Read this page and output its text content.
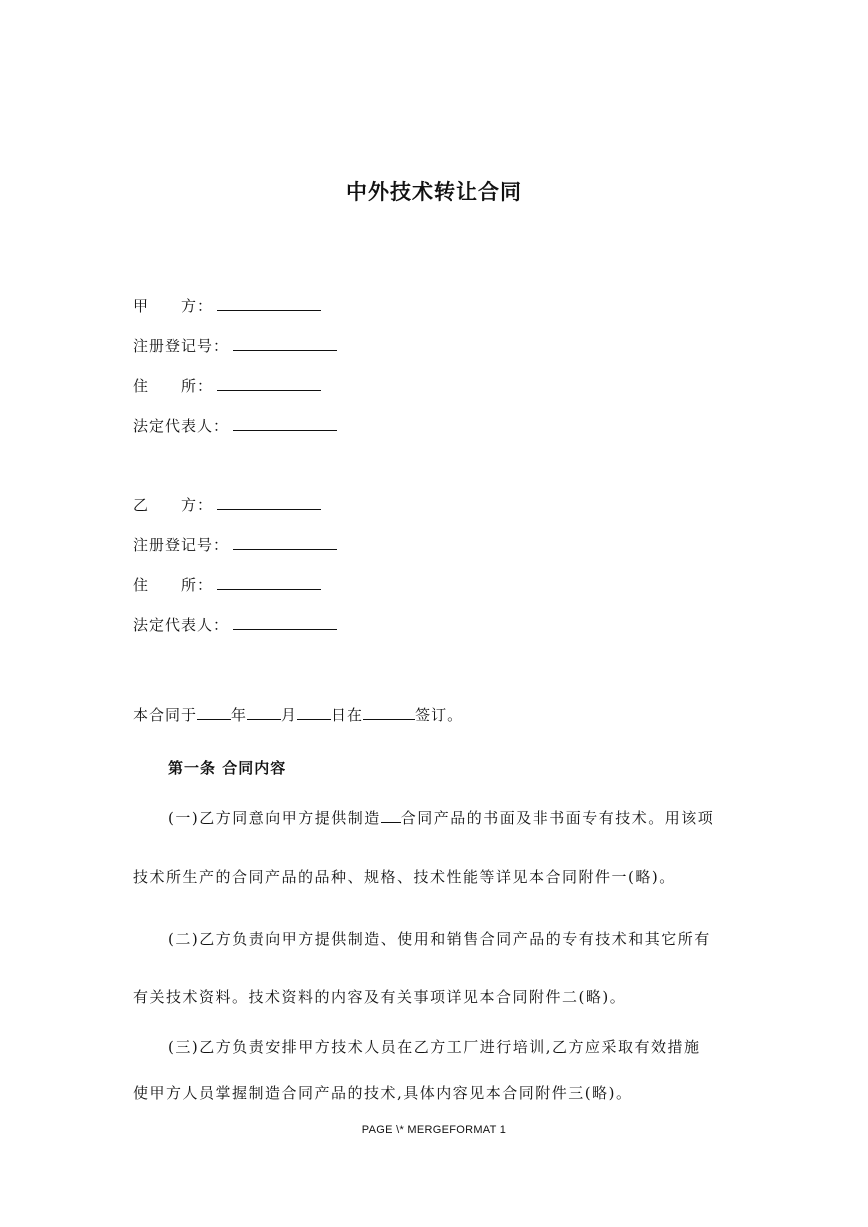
中外技术转让合同
甲　　方：
注册登记号：
住　　所：
法定代表人：
乙　　方：
注册登记号：
住　　所：
法定代表人：
本合同于 年 月 日在	签订。
第一条 合同内容
(一)乙方同意向甲方提供制造 合同产品的书面及非书面专有技术。用该项
技术所生产的合同产品的品种、规格、技术性能等详见本合同附件一(略)。
(二)乙方负责向甲方提供制造、使用和销售合同产品的专有技术和其它所有
有关技术资料。技术资料的内容及有关事项详见本合同附件二(略)。
(三)乙方负责安排甲方技术人员在乙方工厂进行培训,乙方应采取有效措施
使甲方人员掌握制造合同产品的技术,具体内容见本合同附件三(略)。
PAGE \* MERGEFORMAT 1
